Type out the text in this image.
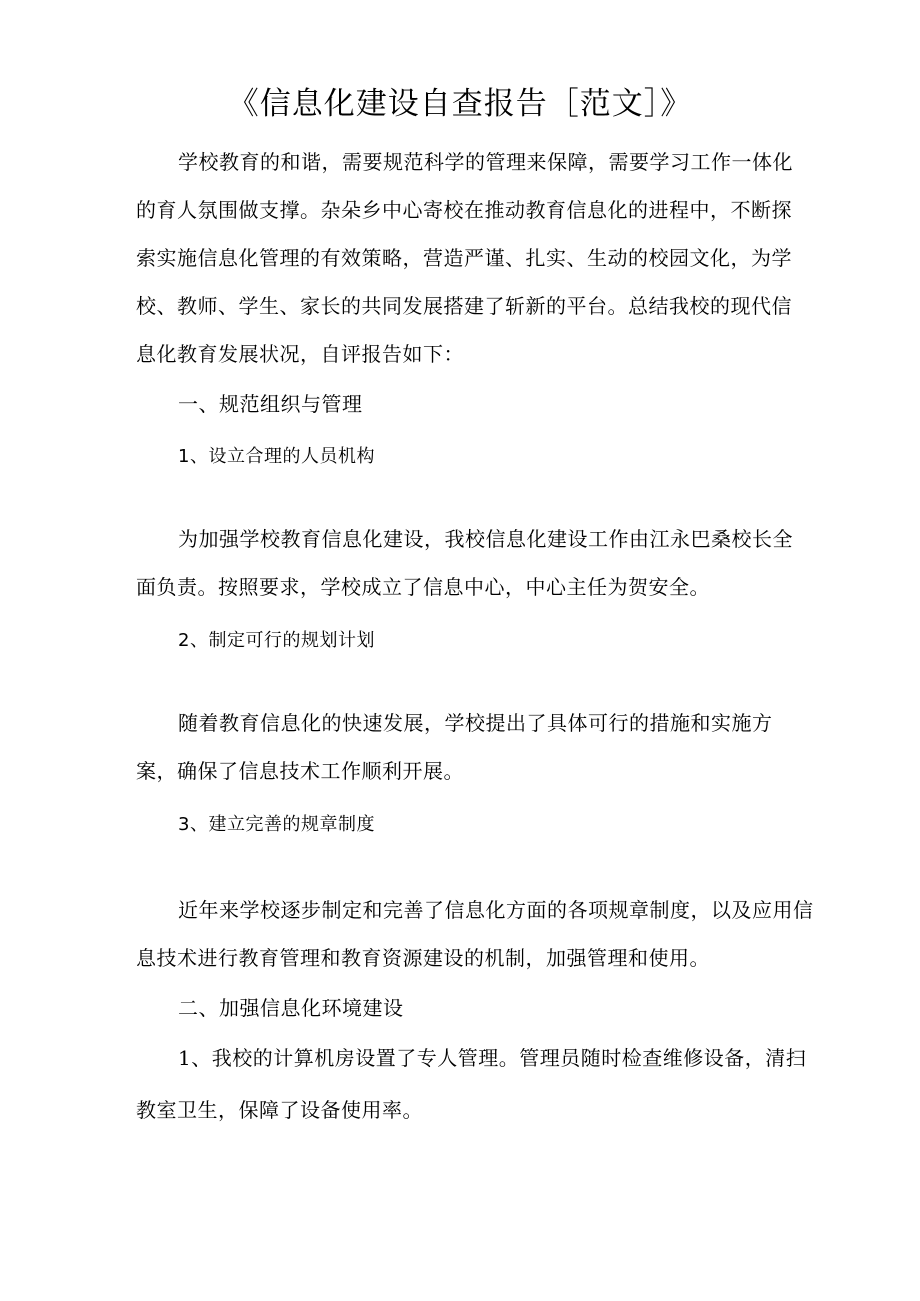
《信息化建设自查报告［范文］》
学校教育的和谐，需要规范科学的管理来保障，需要学习工作一体化
的育人氛围做支撑。杂朵乡中心寄校在推动教育信息化的进程中，不断探
索实施信息化管理的有效策略，营造严谨、扎实、生动的校园文化，为学
校、教师、学生、家长的共同发展搭建了斩新的平台。总结我校的现代信
息化教育发展状况，自评报告如下：
一、规范组织与管理
1、设立合理的人员机构
为加强学校教育信息化建设，我校信息化建设工作由江永巴桑校长全
面负责。按照要求，学校成立了信息中心，中心主任为贺安全。
2、制定可行的规划计划
随着教育信息化的快速发展，学校提出了具体可行的措施和实施方
案，确保了信息技术工作顺利开展。
3、建立完善的规章制度
近年来学校逐步制定和完善了信息化方面的各项规章制度，以及应用信
息技术进行教育管理和教育资源建设的机制，加强管理和使用。
二、加强信息化环境建设
1、我校的计算机房设置了专人管理。管理员随时检查维修设备，清扫
教室卫生，保障了设备使用率。
